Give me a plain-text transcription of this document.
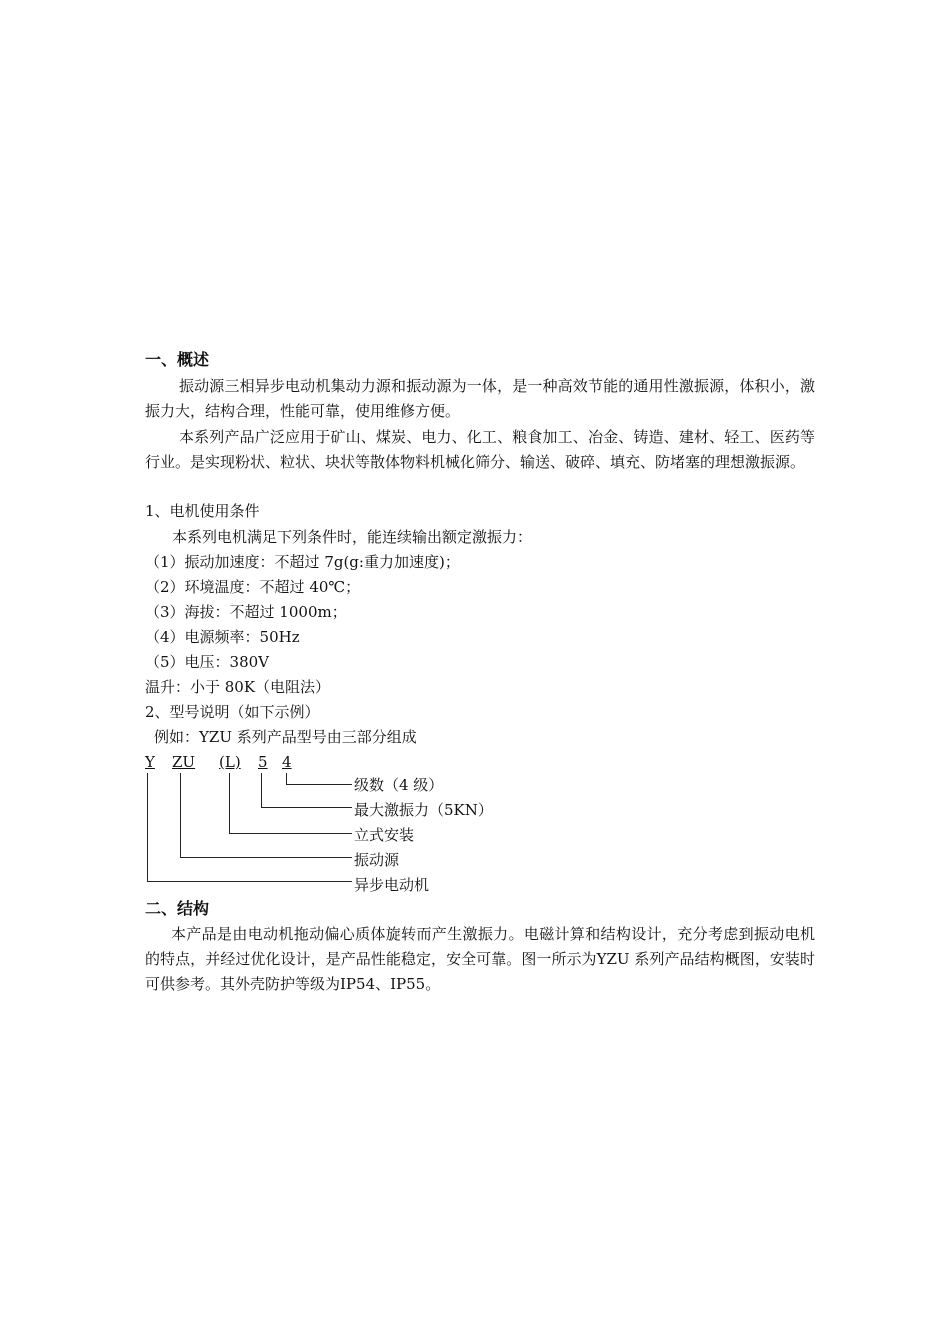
一、概述
振动源三相异步电动机集动力源和振动源为一体，是一种高效节能的通用性激振源，体积小，激振力大，结构合理，性能可靠，使用维修方便。
本系列产品广泛应用于矿山、煤炭、电力、化工、粮食加工、冶金、铸造、建材、轻工、医药等行业。是实现粉状、粒状、块状等散体物料机械化筛分、输送、破碎、填充、防堵塞的理想激振源。
1、电机使用条件
本系列电机满足下列条件时，能连续输出额定激振力：
（1）振动加速度：不超过 7g(g:重力加速度)；
（2）环境温度：不超过 40℃；
（3）海拔：不超过 1000m；
（4）电源频率：50Hz
（5）电压：380V
温升：小于 80K（电阻法）
2、型号说明（如下示例）
例如：YZU 系列产品型号由三部分组成
Y ZU	(L) 5 4
级数（4 级）
最大激振力（5KN）
立式安装
振动源
异步电动机
二、结构
本产品是由电动机拖动偏心质体旋转而产生激振力。电磁计算和结构设计，充分考虑到振动电机的特点，并经过优化设计，是产品性能稳定，安全可靠。图一所示为YZU 系列产品结构概图，安装时可供参考。其外壳防护等级为IP54、IP55。
